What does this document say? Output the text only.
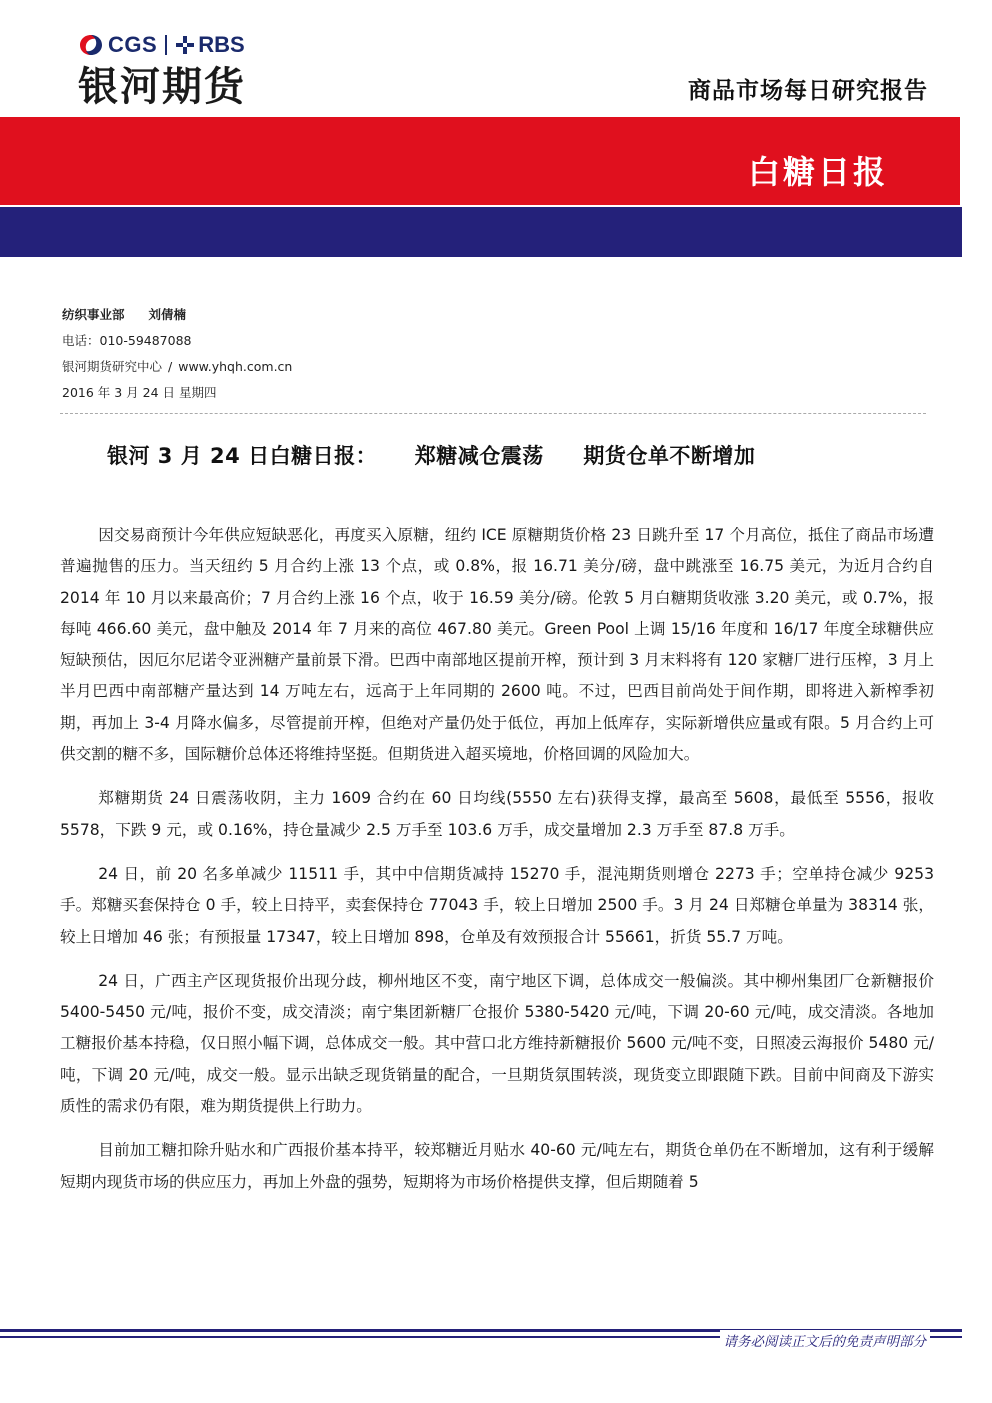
CGS RBS
银河期货	商品市场每日研究报告
白糖日报
纺织事业部 刘倩楠
电话：010-59487088
银河期货研究中心 / www.yhqh.com.cn
2016 年 3 月 24 日 星期四
银河 3 月 24 日白糖日报： 郑糖减仓震荡 期货仓单不断增加

因交易商预计今年供应短缺恶化，再度买入原糖，纽约 ICE 原糖期货价格 23 日跳升至 17 个月高位，抵住了商品市场遭普遍抛售的压力。当天纽约 5 月合约上涨 13 个点，或 0.8%，报 16.71 美分/磅，盘中跳涨至 16.75 美元，为近月合约自 2014 年 10 月以来最高价；7 月合约上涨 16 个点，收于 16.59 美分/磅。伦敦 5 月白糖期货收涨 3.20 美元，或 0.7%，报每吨 466.60 美元，盘中触及 2014 年 7 月来的高位 467.80 美元。Green Pool 上调 15/16 年度和 16/17 年度全球糖供应短缺预估，因厄尔尼诺令亚洲糖产量前景下滑。巴西中南部地区提前开榨，预计到 3 月末料将有 120 家糖厂进行压榨，3 月上半月巴西中南部糖产量达到 14 万吨左右，远高于上年同期的 2600 吨。不过，巴西目前尚处于间作期，即将进入新榨季初期，再加上 3-4 月降水偏多，尽管提前开榨，但绝对产量仍处于低位，再加上低库存，实际新增供应量或有限。5 月合约上可供交割的糖不多，国际糖价总体还将维持坚挺。但期货进入超买境地，价格回调的风险加大。

郑糖期货 24 日震荡收阴，主力 1609 合约在 60 日均线(5550 左右)获得支撑，最高至 5608，最低至 5556，报收 5578，下跌 9 元，或 0.16%，持仓量减少 2.5 万手至 103.6 万手，成交量增加 2.3 万手至 87.8 万手。

24 日，前 20 名多单减少 11511 手，其中中信期货减持 15270 手，混沌期货则增仓 2273 手；空单持仓减少 9253 手。郑糖买套保持仓 0 手，较上日持平，卖套保持仓 77043 手，较上日增加 2500 手。3 月 24 日郑糖仓单量为 38314 张，较上日增加 46 张；有预报量 17347，较上日增加 898，仓单及有效预报合计 55661，折货 55.7 万吨。

24 日，广西主产区现货报价出现分歧，柳州地区不变，南宁地区下调，总体成交一般偏淡。其中柳州集团厂仓新糖报价 5400-5450 元/吨，报价不变，成交清淡；南宁集团新糖厂仓报价 5380-5420 元/吨，下调 20-60 元/吨，成交清淡。各地加工糖报价基本持稳，仅日照小幅下调，总体成交一般。其中营口北方维持新糖报价 5600 元/吨不变，日照凌云海报价 5480 元/吨，下调 20 元/吨，成交一般。显示出缺乏现货销量的配合，一旦期货氛围转淡，现货变立即跟随下跌。目前中间商及下游实质性的需求仍有限，难为期货提供上行助力。

目前加工糖扣除升贴水和广西报价基本持平，较郑糖近月贴水 40-60 元/吨左右，期货仓单仍在不断增加，这有利于缓解短期内现货市场的供应压力，再加上外盘的强势，短期将为市场价格提供支撑，但后期随着 5

请务必阅读正文后的免责声明部分
